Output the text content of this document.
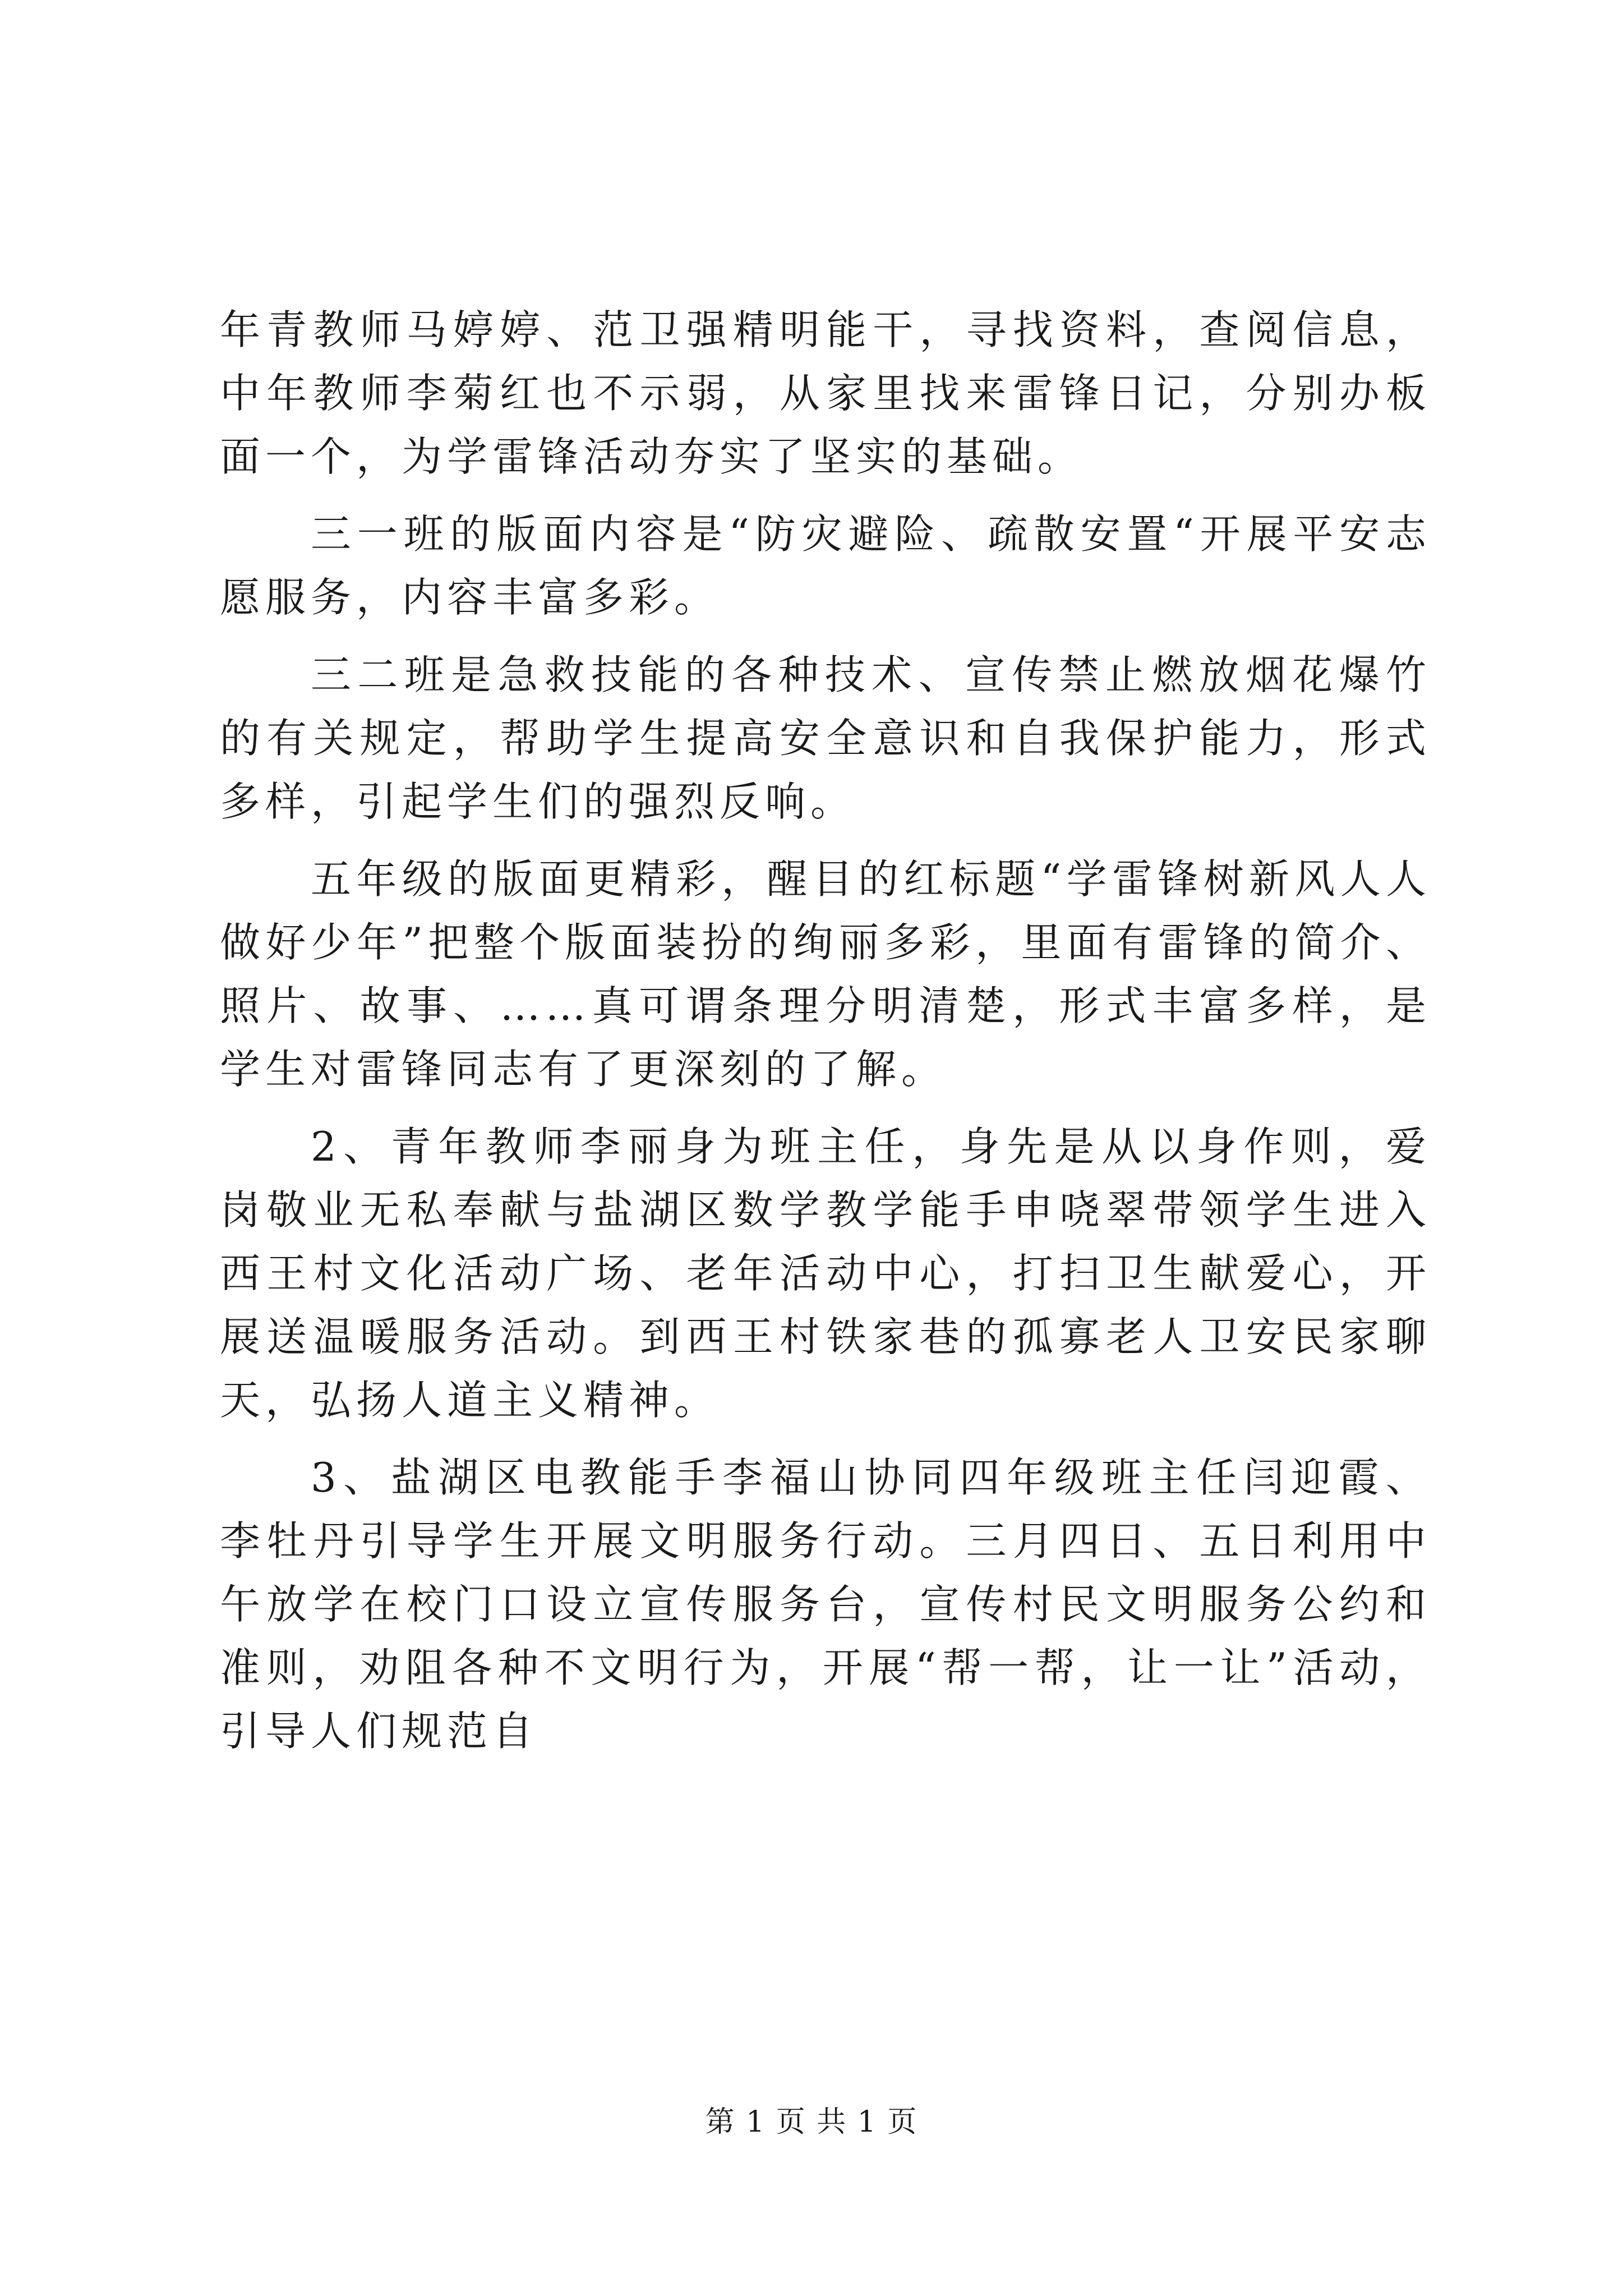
年青教师马婷婷、范卫强精明能干，寻找资料，查阅信息，中年教师李菊红也不示弱，从家里找来雷锋日记，分别办板面一个，为学雷锋活动夯实了坚实的基础。

三一班的版面内容是“防灾避险、疏散安置“开展平安志愿服务，内容丰富多彩。

三二班是急救技能的各种技术、宣传禁止燃放烟花爆竹的有关规定，帮助学生提高安全意识和自我保护能力，形式多样，引起学生们的强烈反响。

五年级的版面更精彩，醒目的红标题“学雷锋树新风人人做好少年”把整个版面装扮的绚丽多彩，里面有雷锋的简介、照片、故事、……真可谓条理分明清楚，形式丰富多样，是学生对雷锋同志有了更深刻的了解。

2、青年教师李丽身为班主任，身先是从以身作则，爱岗敬业无私奉献与盐湖区数学教学能手申哓翠带领学生进入西王村文化活动广场、老年活动中心，打扫卫生献爱心，开展送温暖服务活动。到西王村铁家巷的孤寡老人卫安民家聊天，弘扬人道主义精神。

3、盐湖区电教能手李福山协同四年级班主任闫迎霞、李牡丹引导学生开展文明服务行动。三月四日、五日利用中午放学在校门口设立宣传服务台，宣传村民文明服务公约和准则，劝阻各种不文明行为，开展“帮一帮，让一让”活动，引导人们规范自

第 1 页 共 1 页
